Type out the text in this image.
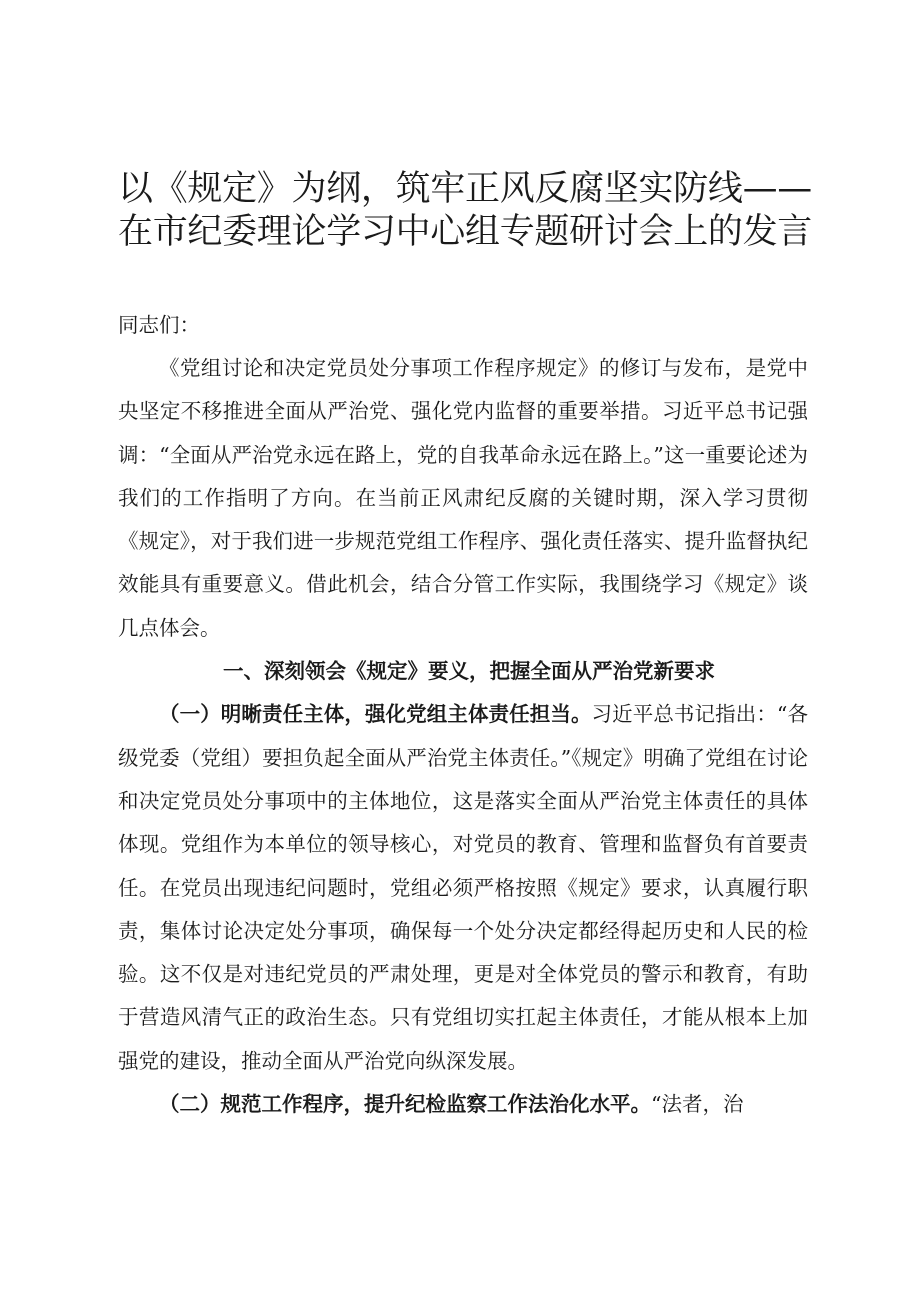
以《规定》为纲，筑牢正风反腐坚实防线——在市纪委理论学习中心组专题研讨会上的发言
同志们：

《党组讨论和决定党员处分事项工作程序规定》的修订与发布，是党中央坚定不移推进全面从严治党、强化党内监督的重要举措。习近平总书记强调：“全面从严治党永远在路上，党的自我革命永远在路上。”这一重要论述为我们的工作指明了方向。在当前正风肃纪反腐的关键时期，深入学习贯彻《规定》，对于我们进一步规范党组工作程序、强化责任落实、提升监督执纪效能具有重要意义。借此机会，结合分管工作实际，我围绕学习《规定》谈几点体会。

一、深刻领会《规定》要义，把握全面从严治党新要求

（一）明晰责任主体，强化党组主体责任担当。习近平总书记指出：“各级党委（党组）要担负起全面从严治党主体责任。”《规定》明确了党组在讨论和决定党员处分事项中的主体地位，这是落实全面从严治党主体责任的具体体现。党组作为本单位的领导核心，对党员的教育、管理和监督负有首要责任。在党员出现违纪问题时，党组必须严格按照《规定》要求，认真履行职责，集体讨论决定处分事项，确保每一个处分决定都经得起历史和人民的检验。这不仅是对违纪党员的严肃处理，更是对全体党员的警示和教育，有助于营造风清气正的政治生态。只有党组切实扛起主体责任，才能从根本上加强党的建设，推动全面从严治党向纵深发展。

（二）规范工作程序，提升纪检监察工作法治化水平。“法者，治
